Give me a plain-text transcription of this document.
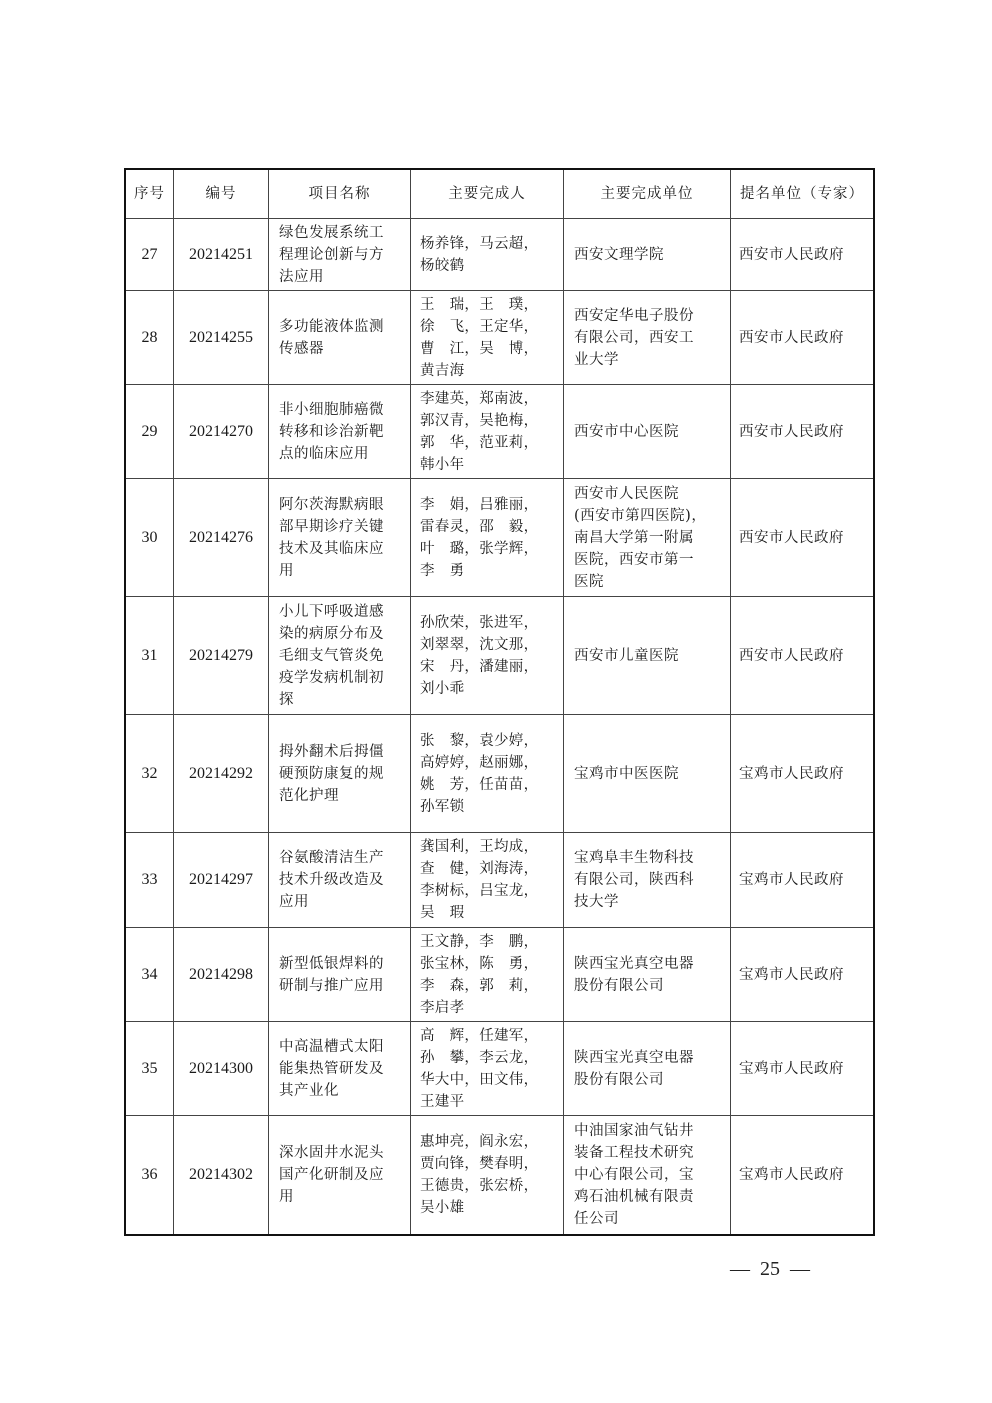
序号	编号	项目名称	主要完成人	主要完成单位	提名单位（专家）
27	20214251	绿色发展系统工
程理论创新与方
法应用	杨养锋，马云超，
杨皎鹤	西安文理学院	西安市人民政府
28	20214255	多功能液体监测
传感器	王　瑞，王　璞，
徐　飞，王定华，
曹　江，吴　博，
黄吉海	西安定华电子股份
有限公司，西安工
业大学	西安市人民政府
29	20214270	非小细胞肺癌微
转移和诊治新靶
点的临床应用	李建英，郑南波，
郭汉青，吴艳梅，
郭　华，范亚莉，
韩小年	西安市中心医院	西安市人民政府
30	20214276	阿尔茨海默病眼
部早期诊疗关键
技术及其临床应
用	李　娟，吕雅丽，
雷春灵，邵　毅，
叶　璐，张学辉，
李　勇	西安市人民医院
(西安市第四医院)，
南昌大学第一附属
医院，西安市第一
医院	西安市人民政府
31	20214279	小儿下呼吸道感
染的病原分布及
毛细支气管炎免
疫学发病机制初
探	孙欣荣，张进军，
刘翠翠，沈文那，
宋　丹，潘建丽，
刘小乖	西安市儿童医院	西安市人民政府
32	20214292	拇外翻术后拇僵
硬预防康复的规
范化护理	张　黎，袁少婷，
高婷婷，赵丽娜，
姚　芳，任苗苗，
孙军锁	宝鸡市中医医院	宝鸡市人民政府
33	20214297	谷氨酸清洁生产
技术升级改造及
应用	龚国利，王均成，
查　健，刘海涛，
李树标，吕宝龙，
吴　瑕	宝鸡阜丰生物科技
有限公司，陕西科
技大学	宝鸡市人民政府
34	20214298	新型低银焊料的
研制与推广应用	王文静，李　鹏，
张宝林，陈　勇，
李　森，郭　莉，
李启孝	陕西宝光真空电器
股份有限公司	宝鸡市人民政府
35	20214300	中高温槽式太阳
能集热管研发及
其产业化	高　辉，任建军，
孙　攀，李云龙，
华大中，田文伟，
王建平	陕西宝光真空电器
股份有限公司	宝鸡市人民政府
36	20214302	深水固井水泥头
国产化研制及应
用	惠坤亮，阎永宏，
贾向锋，樊春明，
王德贵，张宏桥，
吴小雄	中油国家油气钻井
装备工程技术研究
中心有限公司，宝
鸡石油机械有限责
任公司	宝鸡市人民政府
—  25  —
